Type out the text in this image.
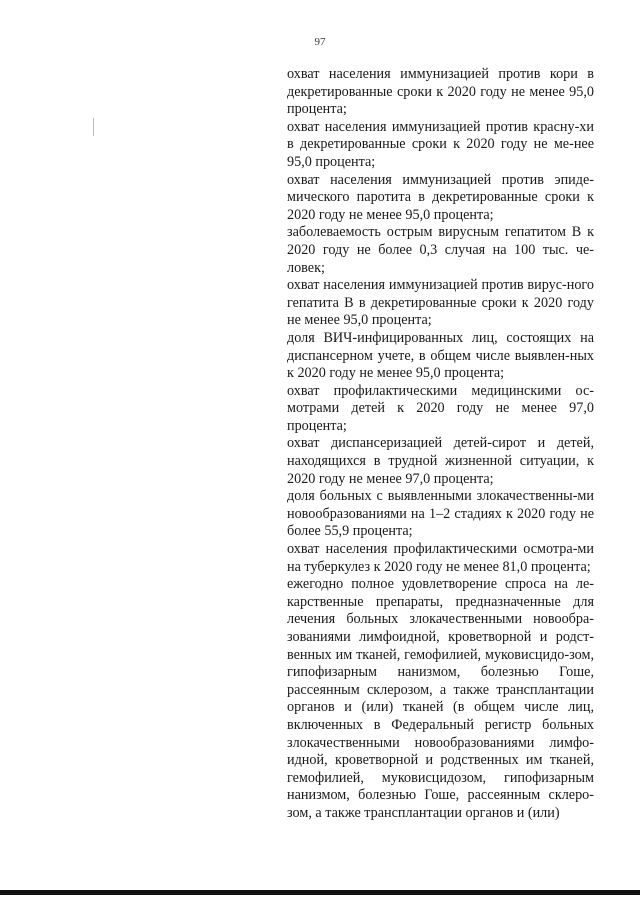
97

охват населения иммунизацией против кори в декретированные сроки к 2020 году не менее 95,0 процента;

охват населения иммунизацией против красну-хи в декретированные сроки к 2020 году не ме-нее 95,0 процента;

охват населения иммунизацией против эпиде-мического паротита в декретированные сроки к 2020 году не менее 95,0 процента;

заболеваемость острым вирусным гепатитом В к 2020 году не более 0,3 случая на 100 тыс. че-ловек;

охват населения иммунизацией против вирус-ного гепатита В в декретированные сроки к 2020 году не менее 95,0 процента;

доля ВИЧ-инфицированных лиц, состоящих на диспансерном учете, в общем числе выявлен-ных к 2020 году не менее 95,0 процента;

охват профилактическими медицинскими ос-мотрами детей к 2020 году не менее 97,0 процента;

охват диспансеризацией детей-сирот и детей, находящихся в трудной жизненной ситуации, к 2020 году не менее 97,0 процента;

доля больных с выявленными злокачественны-ми новообразованиями на 1–2 стадиях к 2020 году не более 55,9 процента;

охват населения профилактическими осмотра-ми на туберкулез к 2020 году не менее 81,0 процента;

ежегодно полное удовлетворение спроса на ле-карственные препараты, предназначенные для лечения больных злокачественными новообра-зованиями лимфоидной, кроветворной и родст-венных им тканей, гемофилией, муковисцидо-зом, гипофизарным нанизмом, болезнью Гоше, рассеянным склерозом, а также трансплантации органов и (или) тканей (в общем числе лиц, включенных в Федеральный регистр больных злокачественными новообразованиями лимфо-идной, кроветворной и родственных им тканей, гемофилией, муковисцидозом, гипофизарным нанизмом, болезнью Гоше, рассеянным склеро-зом, а также трансплантации органов и (или)
